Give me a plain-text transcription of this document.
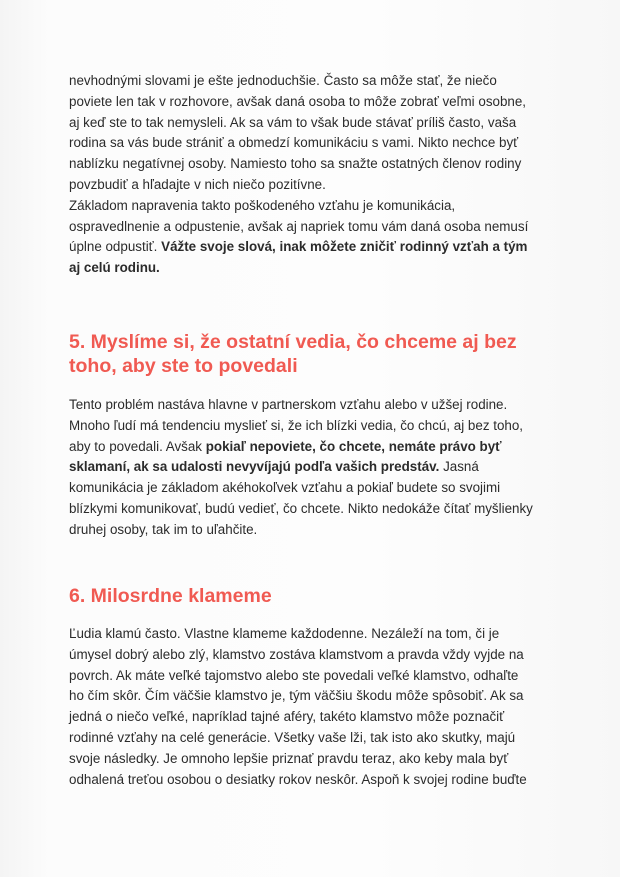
nevhodnými slovami je ešte jednoduchšie. Často sa môže stať, že niečo
poviete len tak v rozhovore, avšak daná osoba to môže zobrať veľmi osobne,
aj keď ste to tak nemysleli. Ak sa vám to však bude stávať príliš často, vaša
rodina sa vás bude strániť a obmedzí komunikáciu s vami. Nikto nechce byť
nablízku negatívnej osoby. Namiesto toho sa snažte ostatných členov rodiny
povzbudiť a hľadajte v nich niečo pozitívne.
Základom napravenia takto poškodeného vzťahu je komunikácia,
ospravedlnenie a odpustenie, avšak aj napriek tomu vám daná osoba nemusí
úplne odpustiť. Vážte svoje slová, inak môžete zničiť rodinný vzťah a tým
aj celú rodinu.

5. Myslíme si, že ostatní vedia, čo chceme aj bez
toho, aby ste to povedali

Tento problém nastáva hlavne v partnerskom vzťahu alebo v užšej rodine.
Mnoho ľudí má tendenciu myslieť si, že ich blízki vedia, čo chcú, aj bez toho,
aby to povedali. Avšak pokiaľ nepoviete, čo chcete, nemáte právo byť
sklamaní, ak sa udalosti nevyvíjajú podľa vašich predstáv. Jasná
komunikácia je základom akéhokoľvek vzťahu a pokiaľ budete so svojimi
blízkymi komunikovať, budú vedieť, čo chcete. Nikto nedokáže čítať myšlienky
druhej osoby, tak im to uľahčite.

6. Milosrdne klameme

Ľudia klamú často. Vlastne klameme každodenne. Nezáleží na tom, či je
úmysel dobrý alebo zlý, klamstvo zostáva klamstvom a pravda vždy vyjde na
povrch. Ak máte veľké tajomstvo alebo ste povedali veľké klamstvo, odhaľte
ho čím skôr. Čím väčšie klamstvo je, tým väčšiu škodu môže spôsobiť. Ak sa
jedná o niečo veľké, napríklad tajné aféry, takéto klamstvo môže poznačiť
rodinné vzťahy na celé generácie. Všetky vaše lži, tak isto ako skutky, majú
svoje následky. Je omnoho lepšie priznať pravdu teraz, ako keby mala byť
odhalená treťou osobou o desiatky rokov neskôr. Aspoň k svojej rodine buďte
